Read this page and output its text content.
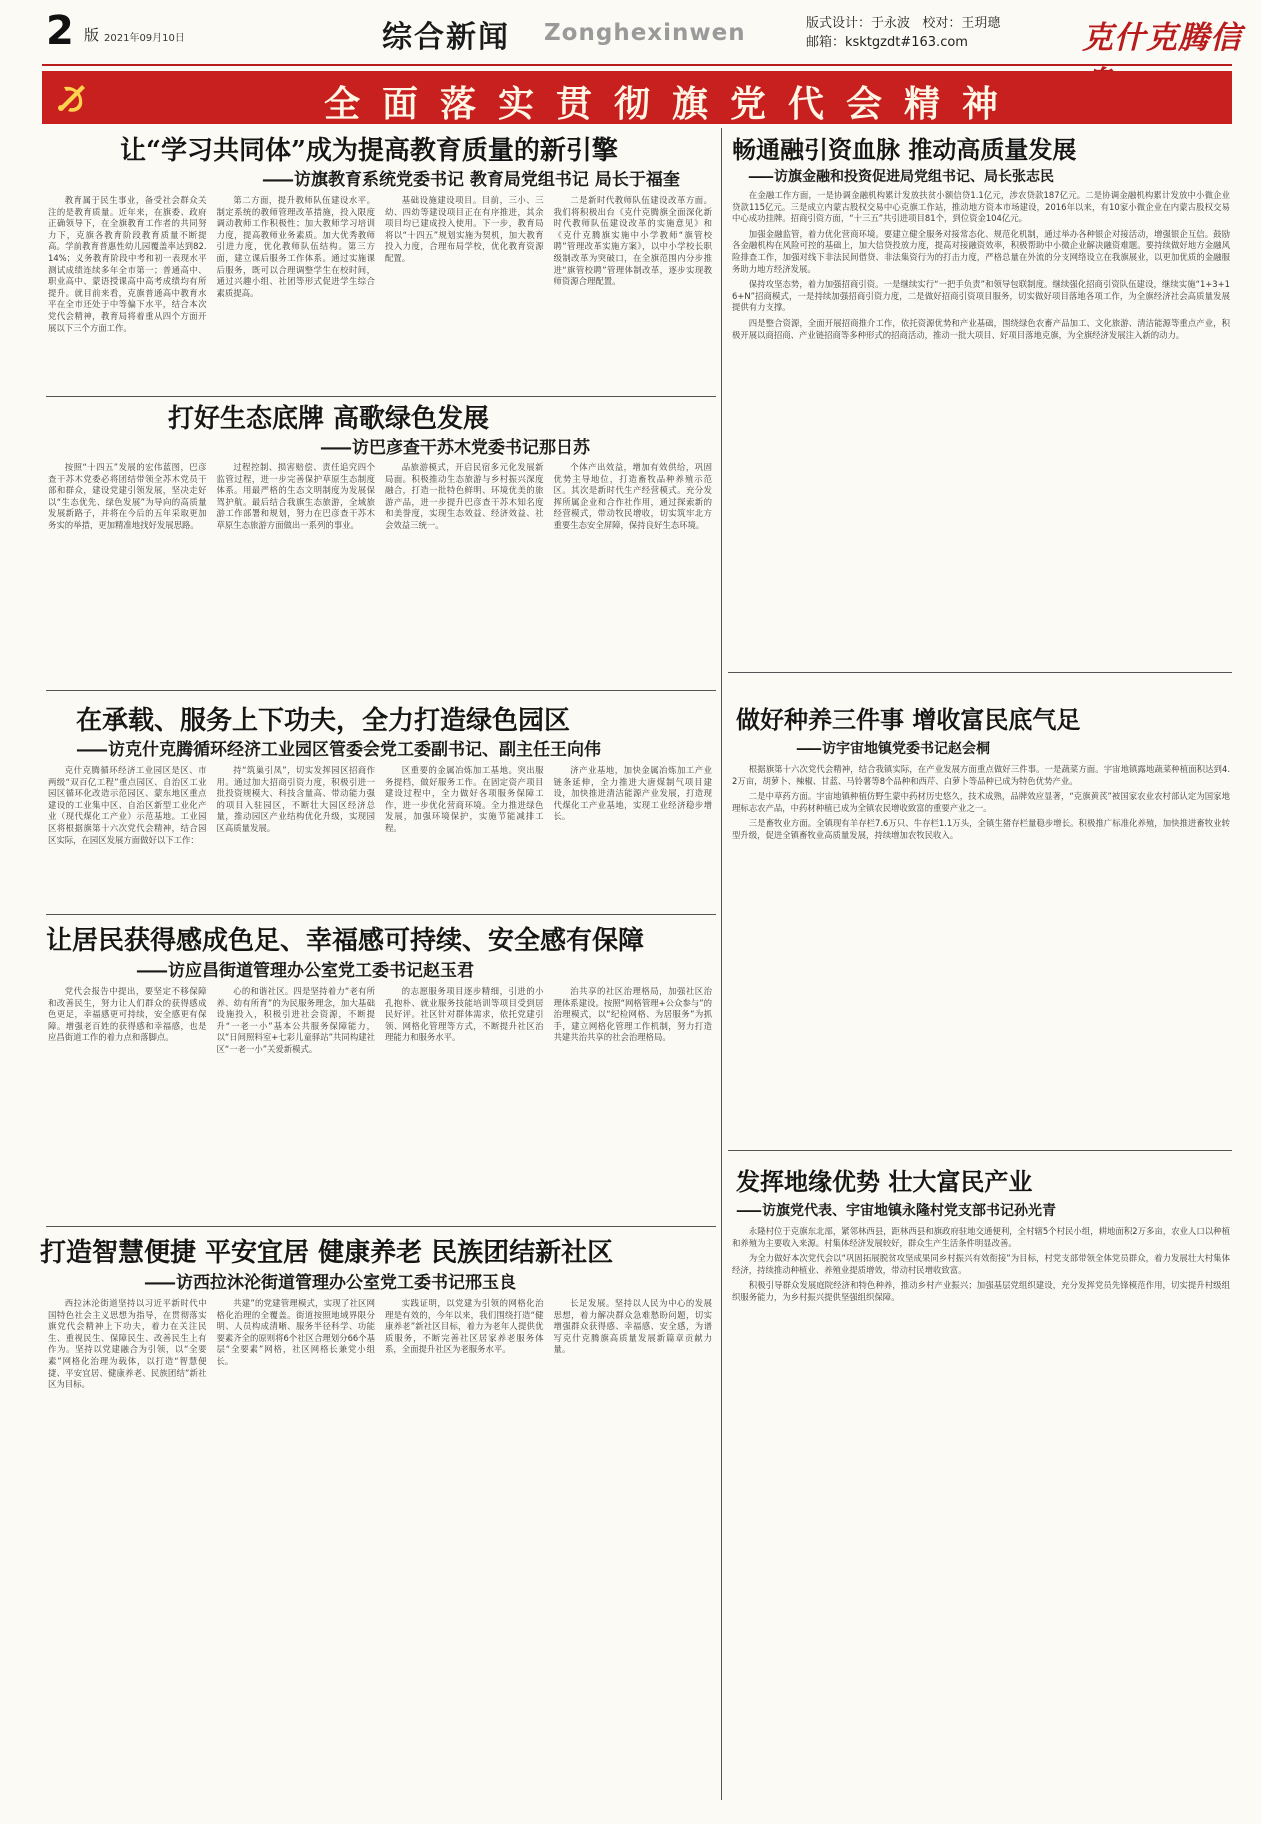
2 版 2021年09月10日	综合新闻 Zonghexinwen	版式设计：于永波 校对：王玥璁
邮箱：ksktgzdt#163.com	克什克腾信
全面落实贯彻旗党代会精神
让“学习共同体”成为提高教育质量的新引擎
—— 访旗教育系统党委书记 教育局党组书记 局长于福奎

教育属于民生事业，备受社会群众关注的是教育质量。近年来，在旗委、政府正确领导下，在全旗教育工作者的共同努力下，克旗各教育阶段教育质量不断提高。学前教育普惠性幼儿园覆盖率达到82.14%；义务教育阶段中考和初一表现水平测试成绩连续多年全市第一；普通高中、职业高中、蒙语授课高中高考成绩均有所提升。就目前来看，克旗普通高中教育水平在全市还处于中等偏下水平，结合本次党代会精神，教育局将着重从四个方面开展以下三个方面工作。

第二方面，提升教师队伍建设水平。制定系统的教师管理改革措施，投入限度调动教师工作积极性；加大教师学习培训力度，提高教师业务素质。加大优秀教师引进力度，优化教师队伍结构。第三方面，建立课后服务工作体系。通过实施课后服务，既可以合理调整学生在校时间，通过兴趣小组、社团等形式促进学生综合素质提高。

基础设施建设项目。目前，三小、三幼、四幼等建设项目正在有序推进，其余项目均已建成投入使用。下一步，教育局将以“十四五”规划实施为契机，加大教育投入力度，合理布局学校，优化教育资源配置。

二是新时代教师队伍建设改革方面。我们将积极出台《克什克腾旗全面深化新时代教师队伍建设改革的实施意见》和《克什克腾旗实施中小学教师“旗管校聘”管理改革实施方案》，以中小学校长职级制改革为突破口，在全旗范围内分步推进“旗管校聘”管理体制改革，逐步实现教师资源合理配置。

打好生态底牌 高歌绿色发展
—— 访巴彦查干苏木党委书记那日苏

按照“十四五”发展的宏伟蓝图，巴彦查干苏木党委必将团结带领全苏木党员干部和群众，建设党建引领发展，坚决走好以“生态优先、绿色发展”为导向的高质量发展新路子，并将在今后的五年采取更加务实的举措，更加精准地找好发展思路。

过程控制、损害赔偿、责任追究四个监管过程，进一步完善保护草原生态制度体系。用最严格的生态文明制度为发展保驾护航。最后结合我旗生态旅游，全域旅游工作部署和规划，努力在巴彦查干苏木草原生态旅游方面做出一系列的事业。

品旅游模式，开启民宿多元化发展新局面。积极推动生态旅游与乡村振兴深度融合，打造一批特色鲜明、环境优美的旅游产品，进一步提升巴彦查干苏木知名度和美誉度，实现生态效益、经济效益、社会效益三统一。

个体产出效益，增加有效供给，巩固优势主导地位，打造畜牧品种养殖示范区。其次是新时代生产经营模式。充分发挥所属企业和合作社作用，通过探索新的经营模式，带动牧民增收，切实筑牢北方重要生态安全屏障，保持良好生态环境。

在承载、服务上下功夫，全力打造绿色园区
—— 访克什克腾循环经济工业园区管委会党工委副书记、副主任王向伟

克什克腾循环经济工业园区是区、市两级“双百亿工程”重点园区、自治区工业园区循环化改造示范园区、蒙东地区重点建设的工业集中区、自治区新型工业化产业（现代煤化工产业）示范基地。工业园区将根据旗第十六次党代会精神，结合园区实际，在园区发展方面做好以下工作：

持“筑巢引凤”，切实发挥园区招商作用。通过加大招商引资力度，积极引进一批投资规模大、科技含量高、带动能力强的项目入驻园区，不断壮大园区经济总量，推动园区产业结构优化升级，实现园区高质量发展。

区重要的金属冶炼加工基地。突出服务提档，做好服务工作。在固定资产项目建设过程中，全力做好各项服务保障工作，进一步优化营商环境。全力推进绿色发展，加强环境保护，实施节能减排工程。

济产业基地，加快金属冶炼加工产业链条延伸，全力推进大唐煤制气项目建设，加快推进清洁能源产业发展，打造现代煤化工产业基地，实现工业经济稳步增长。

让居民获得感成色足、幸福感可持续、安全感有保障
—— 访应昌街道管理办公室党工委书记赵玉君

党代会报告中提出，要坚定不移保障和改善民生，努力让人们群众的获得感成色更足，幸福感更可持续，安全感更有保障。增强老百姓的获得感和幸福感，也是应昌街道工作的着力点和落脚点。

心的和谐社区。四是坚持着力“老有所养、幼有所育”的为民服务理念，加大基础设施投入，积极引进社会资源，不断提升“一老一小”基本公共服务保障能力，以“日间照料室+七彩儿童驿站”共同构建社区“一老一小”关爱新模式。

的志愿服务项目逐步精细，引进的小孔抱朴、就业服务技能培训等项目受到居民好评。社区针对群体需求，依托党建引领、网格化管理等方式，不断提升社区治理能力和服务水平。

治共享的社区治理格局，加强社区治理体系建设。按照“网格管理+公众参与”的治理模式，以“纪检网格、为居服务”为抓手，建立网格化管理工作机制，努力打造共建共治共享的社会治理格局。

打造智慧便捷 平安宜居 健康养老 民族团结新社区
—— 访西拉沐沦街道管理办公室党工委书记邢玉良

西拉沐沦街道坚持以习近平新时代中国特色社会主义思想为指导，在贯彻落实旗党代会精神上下功夫，着力在关注民生、重视民生、保障民生、改善民生上有作为。坚持以党建融合为引领，以“全要素”网格化治理为载体，以打造“智慧便捷、平安宜居、健康养老、民族团结”新社区为目标。

共建”的党建管理模式，实现了社区网格化治理的全覆盖。街道按照地域界限分明、人员构成清晰、服务半径科学、功能要素齐全的原则将6个社区合理划分66个基层“全要素”网格，社区网格长兼党小组长。

实践证明，以党建为引领的网格化治理是有效的，今年以来，我们围绕打造“健康养老”新社区目标，着力为老年人提供优质服务，不断完善社区居家养老服务体系，全面提升社区为老服务水平。

长足发展。坚持以人民为中心的发展思想，着力解决群众急难愁盼问题，切实增强群众获得感、幸福感、安全感，为谱写克什克腾旗高质量发展新篇章贡献力量。

畅通融引资血脉 推动高质量发展
—— 访旗金融和投资促进局党组书记、局长张志民

在金融工作方面，一是协调金融机构累计发放扶贫小额信贷1.1亿元，涉农贷款187亿元。二是协调金融机构累计发放中小微企业贷款115亿元。三是成立内蒙古股权交易中心克旗工作站，推动地方资本市场建设，2016年以来，有10家小微企业在内蒙古股权交易中心成功挂牌。招商引资方面，“十三五”共引进项目81个，到位资金104亿元。

加强金融监管，着力优化营商环境。要建立健全服务对接常态化、规范化机制，通过举办各种银企对接活动，增强银企互信。鼓励各金融机构在风险可控的基础上，加大信贷投放力度，提高对接融资效率，积极帮助中小微企业解决融资难题。要持续做好地方金融风险排查工作，加强对线下非法民间借贷、非法集资行为的打击力度，严格总量在外流的分支网络设立在我旗展业，以更加优质的金融服务助力地方经济发展。

保持攻坚态势，着力加强招商引资。一是继续实行“一把手负责”和领导包联制度。继续强化招商引资队伍建设，继续实施“1+3+16+N”招商模式，一是持续加强招商引资力度，二是做好招商引资项目服务，切实做好项目落地各项工作，为全旗经济社会高质量发展提供有力支撑。

四是整合资源，全面开展招商推介工作，依托资源优势和产业基础，围绕绿色农畜产品加工、文化旅游、清洁能源等重点产业，积极开展以商招商、产业链招商等多种形式的招商活动，推动一批大项目、好项目落地克旗，为全旗经济发展注入新的动力。

做好种养三件事 增收富民底气足
—— 访宇宙地镇党委书记赵会桐

根据旗第十六次党代会精神，结合我镇实际，在产业发展方面重点做好三件事。一是蔬菜方面。宇宙地镇露地蔬菜种植面积达到4.2万亩，胡萝卜、辣椒、甘蓝、马铃薯等8个品种和西芹、白萝卜等品种已成为特色优势产业。

二是中草药方面。宇宙地镇种植仿野生蒙中药材历史悠久，技术成熟，品牌效应显著，“克旗黄芪”被国家农业农村部认定为国家地理标志农产品，中药材种植已成为全镇农民增收致富的重要产业之一。

三是畜牧业方面。全镇现有羊存栏7.6万只、牛存栏1.1万头，全镇生猪存栏量稳步增长。积极推广标准化养殖，加快推进畜牧业转型升级，促进全镇畜牧业高质量发展，持续增加农牧民收入。

发挥地缘优势 壮大富民产业
—— 访旗党代表、宇宙地镇永隆村党支部书记孙光青

永隆村位于克旗东北部，紧邻林西县，距林西县和旗政府驻地交通便利，全村辖5个村民小组，耕地面积2万多亩，农业人口以种植和养殖为主要收入来源。村集体经济发展较好，群众生产生活条件明显改善。

为全力做好本次党代会以“巩固拓展脱贫攻坚成果同乡村振兴有效衔接”为目标，村党支部带领全体党员群众，着力发展壮大村集体经济，持续推动种植业、养殖业提质增效，带动村民增收致富。

积极引导群众发展庭院经济和特色种养，推动乡村产业振兴；加强基层党组织建设，充分发挥党员先锋模范作用，切实提升村级组织服务能力，为乡村振兴提供坚强组织保障。
